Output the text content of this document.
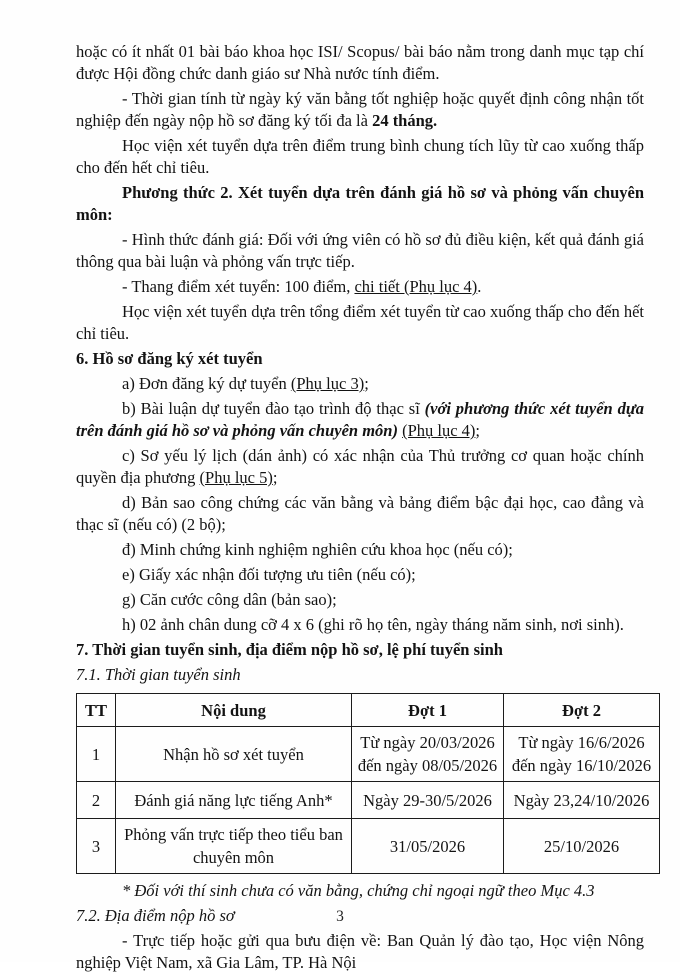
hoặc có ít nhất 01 bài báo khoa học ISI/ Scopus/ bài báo nằm trong danh mục tạp chí được Hội đồng chức danh giáo sư Nhà nước tính điểm.

- Thời gian tính từ ngày ký văn bằng tốt nghiệp hoặc quyết định công nhận tốt nghiệp đến ngày nộp hồ sơ đăng ký tối đa là 24 tháng.

Học viện xét tuyển dựa trên điểm trung bình chung tích lũy từ cao xuống thấp cho đến hết chỉ tiêu.

Phương thức 2. Xét tuyển dựa trên đánh giá hồ sơ và phỏng vấn chuyên môn:

- Hình thức đánh giá: Đối với ứng viên có hồ sơ đủ điều kiện, kết quả đánh giá thông qua bài luận và phỏng vấn trực tiếp.

- Thang điểm xét tuyển: 100 điểm, chi tiết (Phụ lục 4).

Học viện xét tuyển dựa trên tổng điểm xét tuyển từ cao xuống thấp cho đến hết chỉ tiêu.

6. Hồ sơ đăng ký xét tuyển

a) Đơn đăng ký dự tuyển (Phụ lục 3);

b) Bài luận dự tuyển đào tạo trình độ thạc sĩ (với phương thức xét tuyển dựa trên đánh giá hồ sơ và phỏng vấn chuyên môn) (Phụ lục 4);

c) Sơ yếu lý lịch (dán ảnh) có xác nhận của Thủ trưởng cơ quan hoặc chính quyền địa phương (Phụ lục 5);

d) Bản sao công chứng các văn bằng và bảng điểm bậc đại học, cao đẳng và thạc sĩ (nếu có) (2 bộ);

đ) Minh chứng kinh nghiệm nghiên cứu khoa học (nếu có);

e) Giấy xác nhận đối tượng ưu tiên (nếu có);

g) Căn cước công dân (bản sao);

h) 02 ảnh chân dung cỡ 4 x 6 (ghi rõ họ tên, ngày tháng năm sinh, nơi sinh).

7. Thời gian tuyển sinh, địa điểm nộp hồ sơ, lệ phí tuyển sinh

7.1. Thời gian tuyển sinh

TT	Nội dung	Đợt 1	Đợt 2
1	Nhận hồ sơ xét tuyển	Từ ngày 20/03/2026 đến ngày 08/05/2026	Từ ngày 16/6/2026 đến ngày 16/10/2026
2	Đánh giá năng lực tiếng Anh*	Ngày 29-30/5/2026	Ngày 23,24/10/2026
3	Phỏng vấn trực tiếp theo tiểu ban chuyên môn	31/05/2026	25/10/2026

* Đối với thí sinh chưa có văn bằng, chứng chỉ ngoại ngữ theo Mục 4.3

7.2. Địa điểm nộp hồ sơ

- Trực tiếp hoặc gửi qua bưu điện về: Ban Quản lý đào tạo, Học viện Nông nghiệp Việt Nam, xã Gia Lâm, TP. Hà Nội

3
